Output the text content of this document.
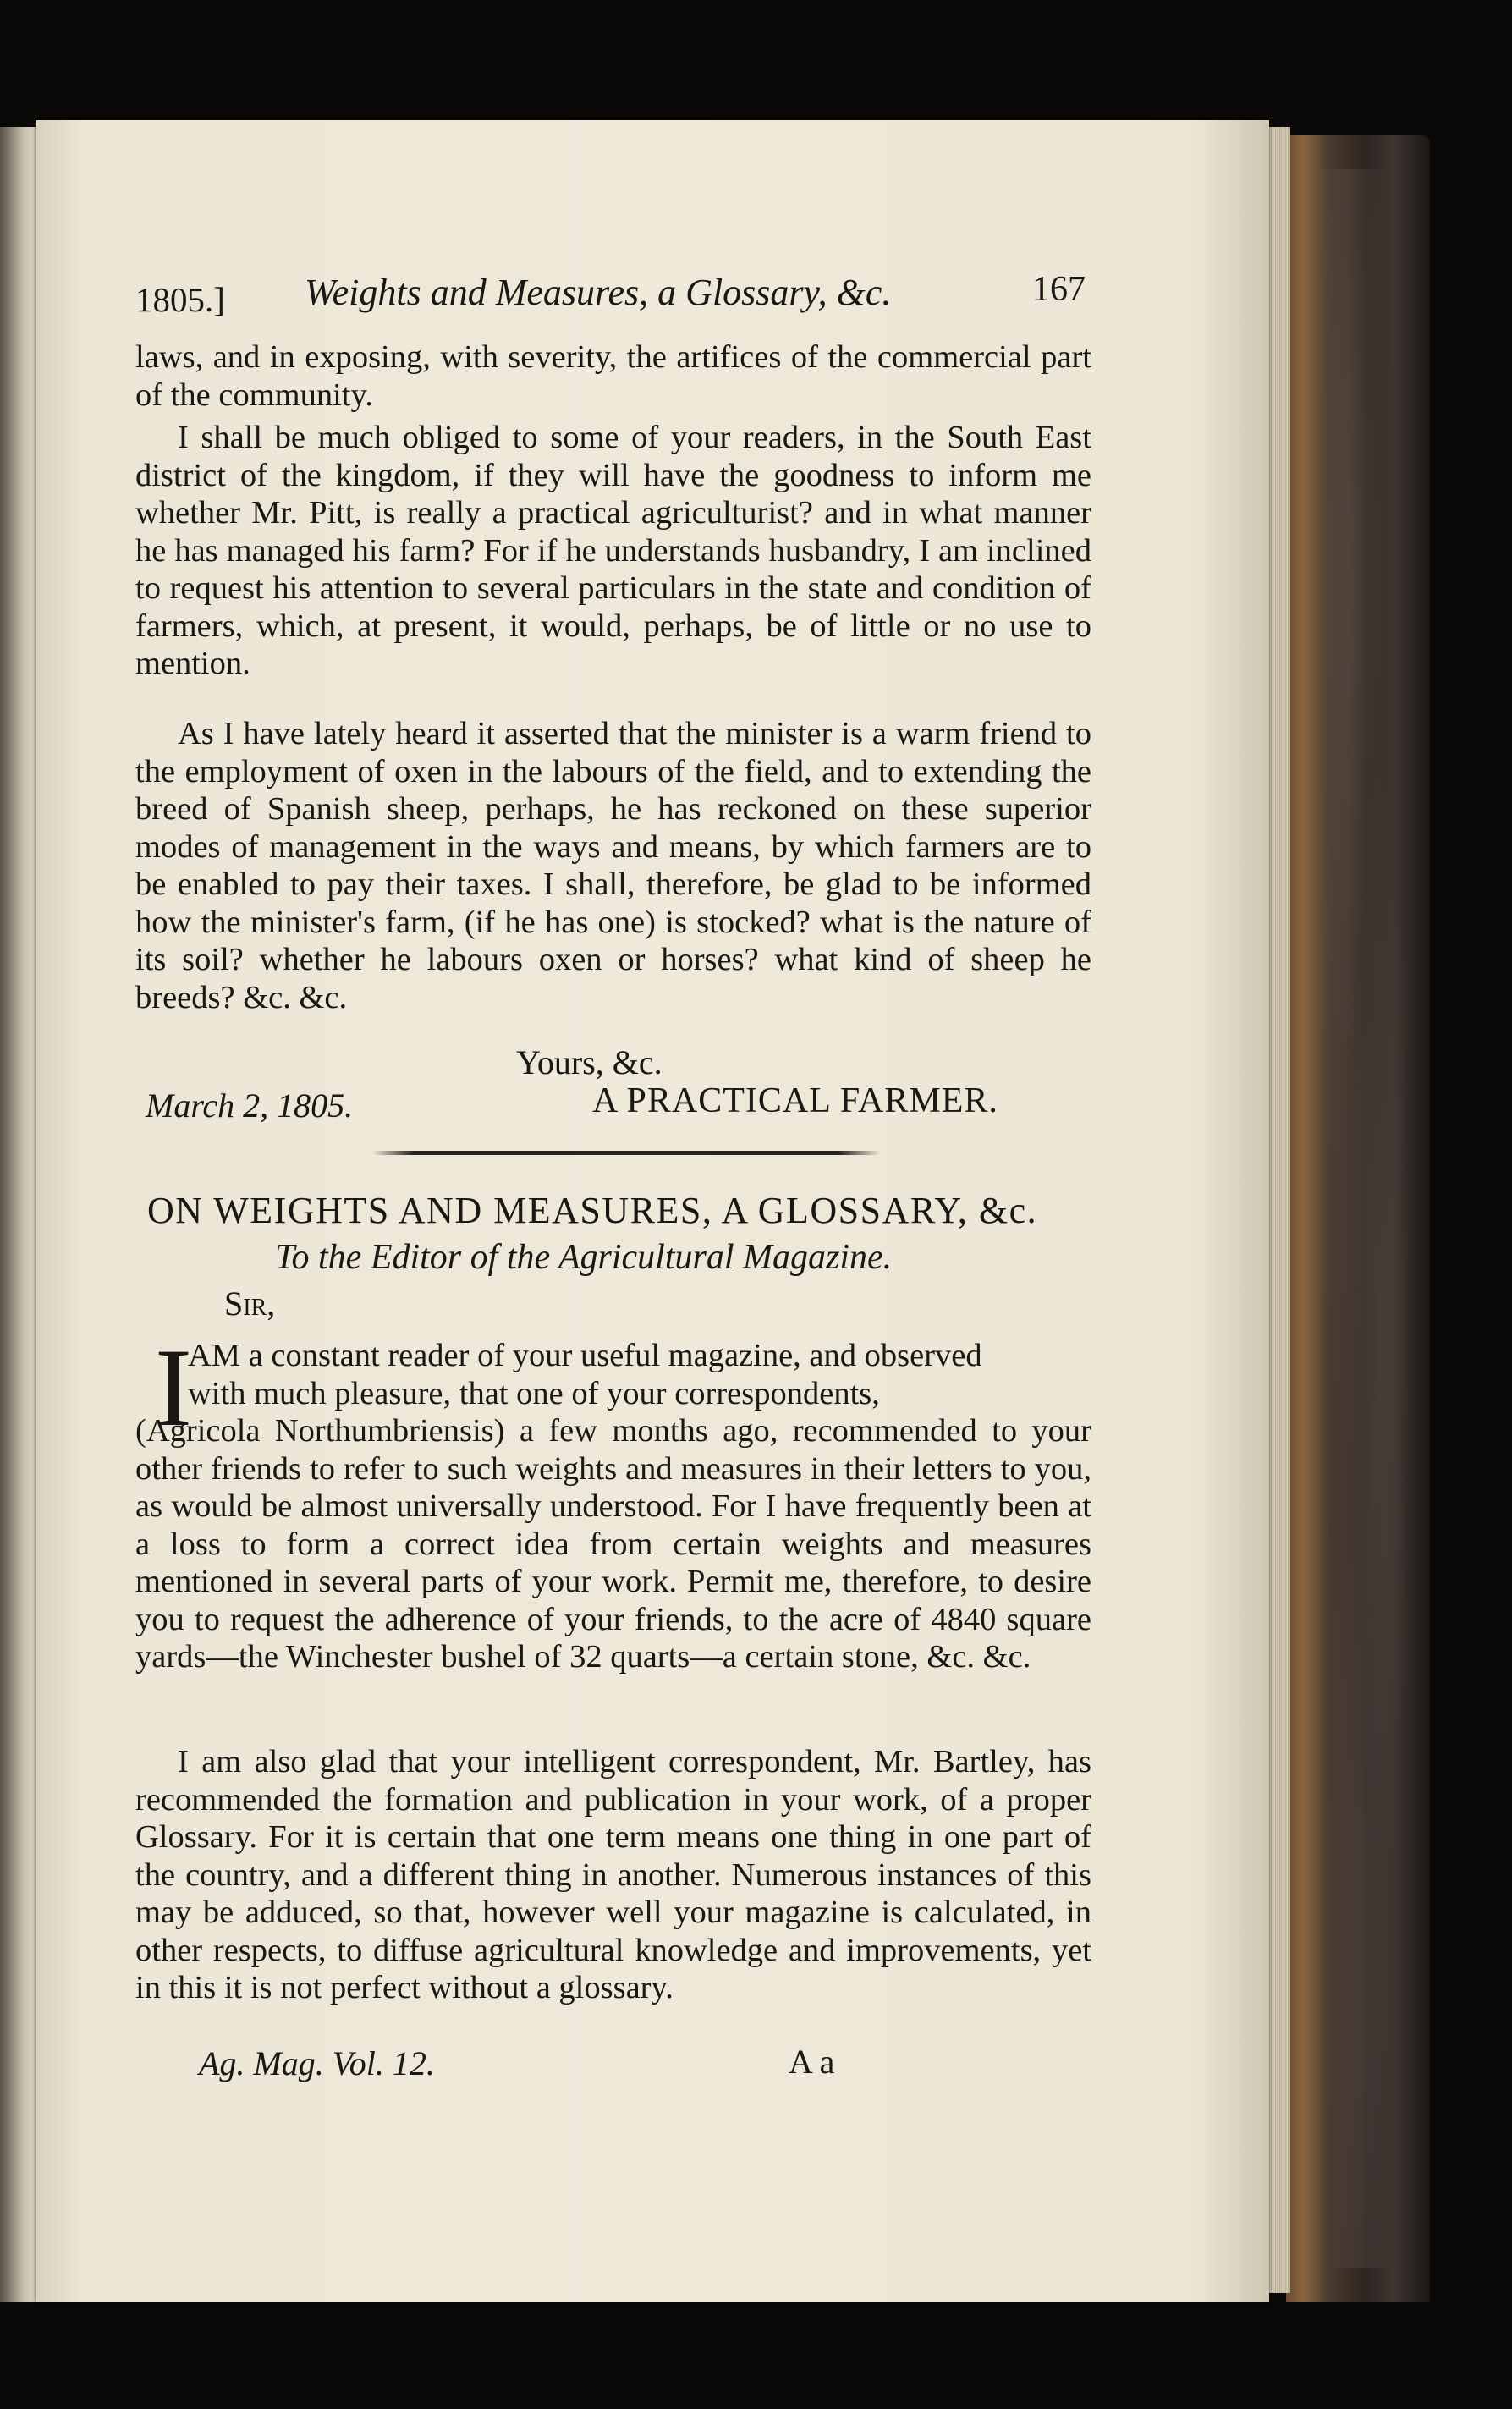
1805.] Weights and Measures, a Glossary, &c.	167

laws, and in exposing, with severity, the artifices of the commercial part of the community.

I shall be much obliged to some of your readers, in the South East district of the kingdom, if they will have the goodness to inform me whether Mr. Pitt, is really a practical agriculturist? and in what manner he has managed his farm? For if he understands husbandry, I am inclined to request his attention to several particulars in the state and condition of farmers, which, at present, it would, perhaps, be of little or no use to mention.

As I have lately heard it asserted that the minister is a warm friend to the employment of oxen in the labours of the field, and to extending the breed of Spanish sheep, perhaps, he has reckoned on these superior modes of management in the ways and means, by which farmers are to be enabled to pay their taxes. I shall, therefore, be glad to be informed how the minister's farm, (if he has one) is stocked? what is the nature of its soil? whether he labours oxen or horses? what kind of sheep he breeds? &c. &c.

Yours, &c.
March 2, 1805.	A PRACTICAL FARMER.
ON WEIGHTS AND MEASURES, A GLOSSARY, &c.
To the Editor of the Agricultural Magazine.
Sir,
I

AM a constant reader of your useful magazine, and observed

with much pleasure, that one of your correspondents,

(Agricola Northumbriensis) a few months ago, recommended to your other friends to refer to such weights and measures in their letters to you, as would be almost universally understood. For I have frequently been at a loss to form a correct idea from certain weights and measures mentioned in several parts of your work. Permit me, therefore, to desire you to request the adherence of your friends, to the acre of 4840 square yards—the Winchester bushel of 32 quarts—a certain stone, &c. &c.

I am also glad that your intelligent correspondent, Mr. Bartley, has recommended the formation and publication in your work, of a proper Glossary. For it is certain that one term means one thing in one part of the country, and a different thing in another. Numerous instances of this may be adduced, so that, however well your magazine is calculated, in other respects, to diffuse agricultural knowledge and improvements, yet in this it is not perfect without a glossary.

Ag. Mag. Vol. 12.	A a
